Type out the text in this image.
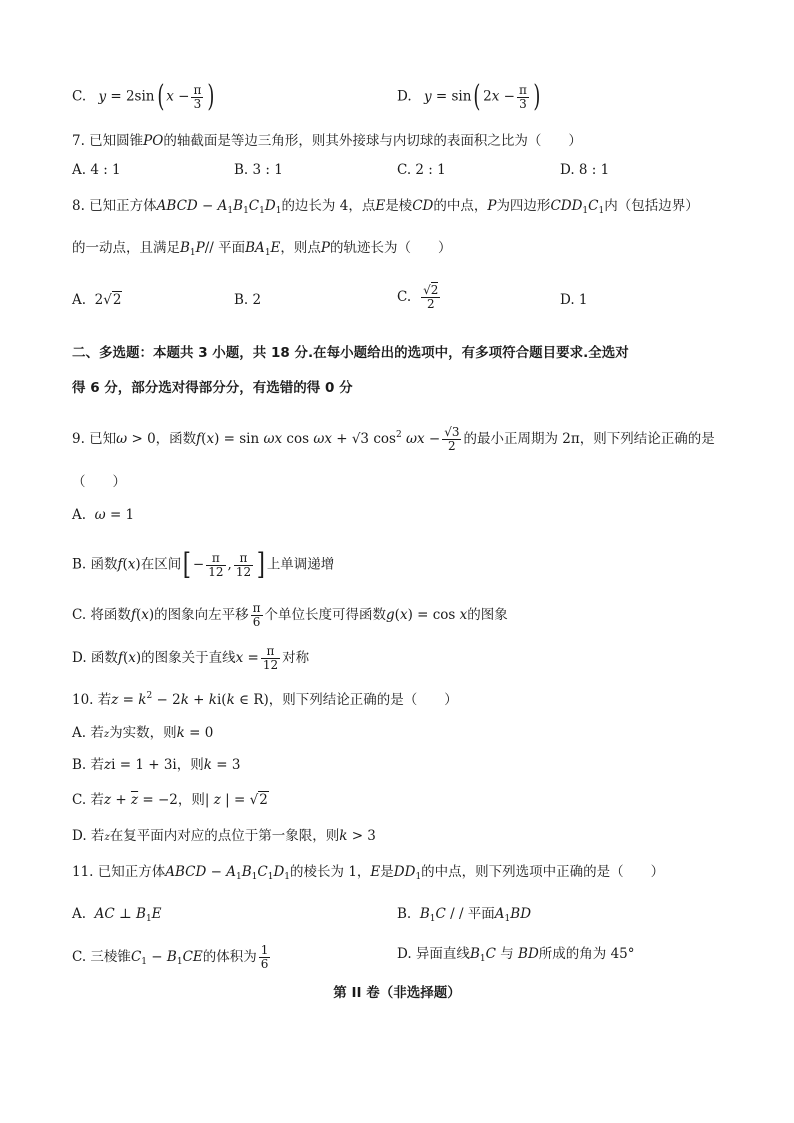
C. y = 2sin( $x - \frac{\pi}{3}$ )	D. y = sin( $2x - \frac{\pi}{3}$ )
7. 已知圆锥PO的轴截面是等边三角形，则其外接球与内切球的表面积之比为（　　）
A. 4 : 1	B. 3 : 1	C. 2 : 1	D. 8 : 1
8. 已知正方体ABCD − $A_1B_1C_1D_1$的边长为 4，点E是棱CD的中点，P为四边形$CDD_1C_1$内（包括边界）
的一动点，且满足$B_1P//$ 平面$BA_1E$，则点P的轨迹长为（　　）
A.  2√2	B. 2	C. $\frac{√2}{2}$	D. 1
二、多选题：本题共 3 小题，共 18 分.在每小题给出的选项中，有多项符合题目要求.全选对
得 6 分，部分选对得部分分，有选错的得 0 分
9. 已知ω > 0，函数f(x) = sin ωx cos ωx + √3 $\cos^2 \omega x - \frac{√3}{2}$ 的最小正周期为 2π，则下列结论正确的是
（　　）
A. ω = 1
B. 函数f(x)在区间[ − $\frac{\pi}{12}$ , $\frac{\pi}{12}$ ] 上单调递增
C. 将函数f(x)的图象向左平移 $\frac{\pi}{6}$ 个单位长度可得函数g(x) = cos x的图象
D. 函数f(x)的图象关于直线$x = \frac{\pi}{12}$ 对称
10. 若$z = k^2 - 2k + ki(k$ ∈ R)，则下列结论正确的是（　　）
A. 若z为实数，则k = 0
B. 若zi = 1 + 3i，则k = 3
C. 若$z + \overline{z} = -2$，则| z | = √2
D. 若z在复平面内对应的点位于第一象限，则k > 3
11. 已知正方体ABCD − $A_1B_1C_1D_1$的棱长为 1，E是$DD_1$的中点，则下列选项中正确的是（　　）
A. AC ⊥ $B_1E$	B. $B_1C$ / / 平面$A_1BD$
C. 三棱锥$C_1 - B_1CE$的体积为 $\frac{1}{6}$	D. 异面直线$B_1C$ 与 BD所成的角为 45°
第 II 卷（非选择题）
